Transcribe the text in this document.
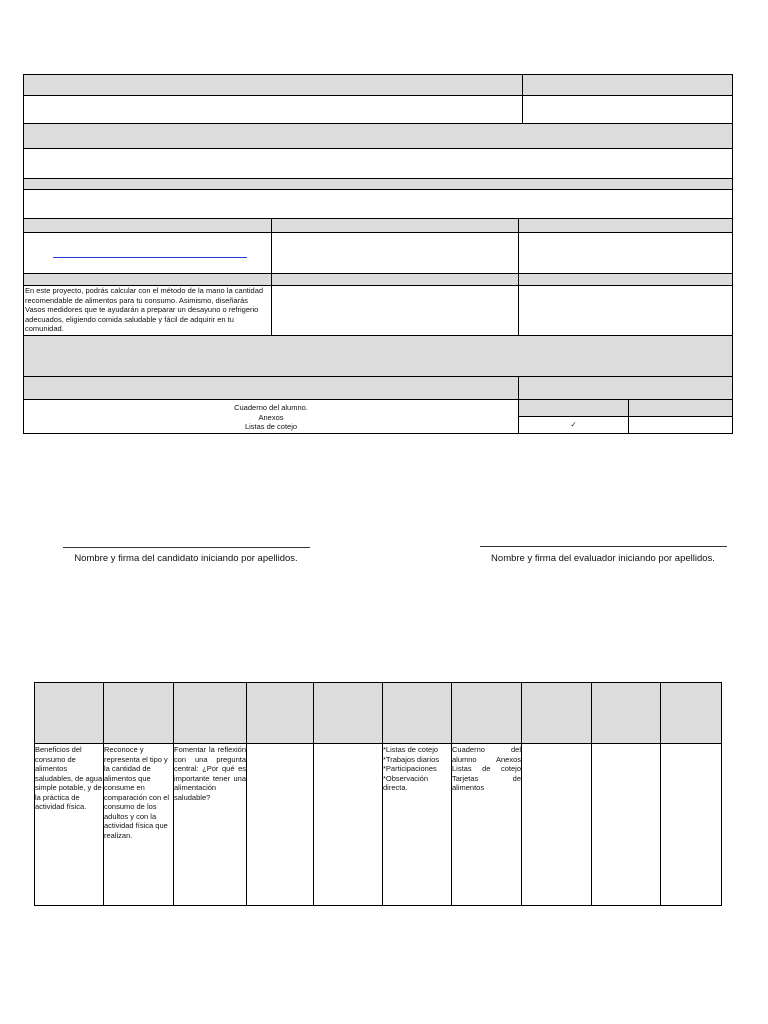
En este proyecto, podrás calcular con el método de la mano la cantidad recomendable de alimentos para tu consumo. Asimismo, diseñarás Vasos medidores que te ayudarán a preparar un desayuno o refrigerio adecuados, eligiendo comida saludable y fácil de adquirir en tu comunidad.
Cuaderno del alumno.
Anexos
Listas de cotejo	✓
Nombre y firma del candidato iniciando por apellidos.	Nombre y firma del evaluador iniciando por apellidos.
Beneficios del consumo de alimentos saludables, de agua simple potable, y de la práctica de actividad física.
Reconoce y representa el tipo y la cantidad de alimentos que consume en comparación con el consumo de los adultos y con la actividad física que realizan.
Fomentar la reflexión con una pregunta central: ¿Por qué es importante tener una alimentación saludable?
*Listas de cotejo
*Trabajos diarios
*Participaciones
*Observación directa.
Cuaderno del alumno Anexos Listas de cotejo Tarjetas de alimentos
